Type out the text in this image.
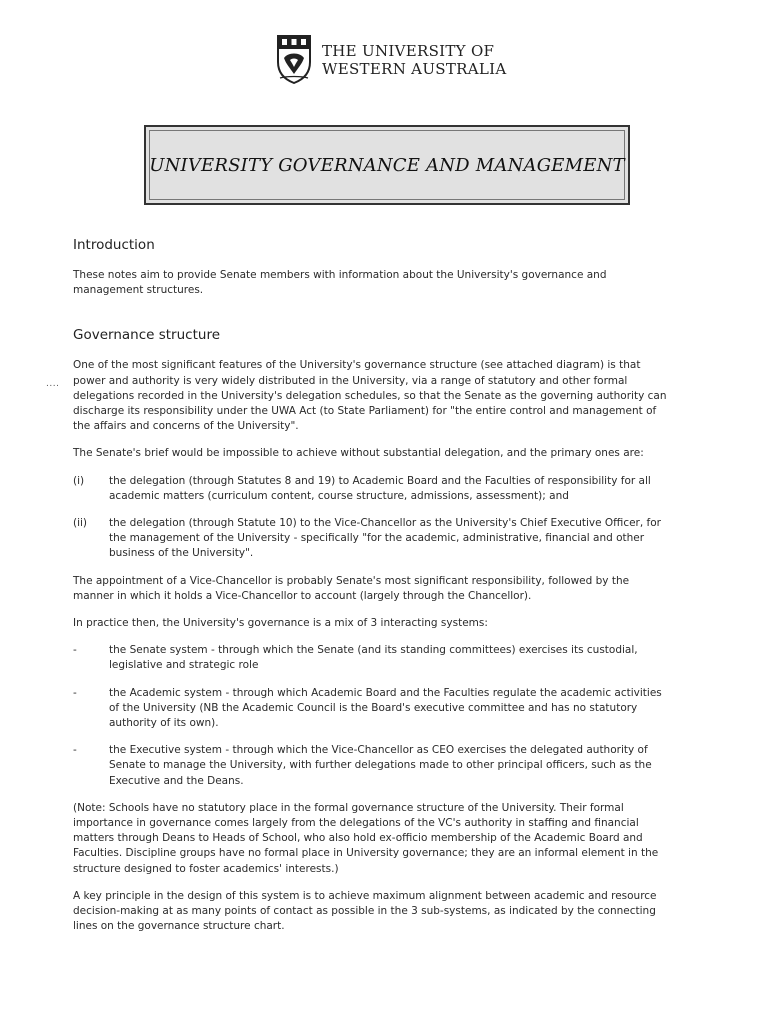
THE UNIVERSITY OF
WESTERN AUSTRALIA
UNIVERSITY GOVERNANCE AND MANAGEMENT
....
Introduction
These notes aim to provide Senate members with information about the University's governance and management structures.
Governance structure
One of the most significant features of the University's governance structure (see attached diagram) is that power and authority is very widely distributed in the University, via a range of statutory and other formal delegations recorded in the University's delegation schedules, so that the Senate as the governing authority can discharge its responsibility under the UWA Act (to State Parliament) for "the entire control and management of the affairs and concerns of the University".
The Senate's brief would be impossible to achieve without substantial delegation, and the primary ones are:
(i) the delegation (through Statutes 8 and 19) to Academic Board and the Faculties of responsibility for all academic matters (curriculum content, course structure, admissions, assessment); and
(ii) the delegation (through Statute 10) to the Vice-Chancellor as the University's Chief Executive Officer, for the management of the University - specifically "for the academic, administrative, financial and other business of the University".
The appointment of a Vice-Chancellor is probably Senate's most significant responsibility, followed by the manner in which it holds a Vice-Chancellor to account (largely through the Chancellor).
In practice then, the University's governance is a mix of 3 interacting systems:
-	the Senate system - through which the Senate (and its standing committees) exercises its custodial, legislative and strategic role
-	the Academic system - through which Academic Board and the Faculties regulate the academic activities of the University (NB the Academic Council is the Board's executive committee and has no statutory authority of its own).
-	the Executive system - through which the Vice-Chancellor as CEO exercises the delegated authority of Senate to manage the University, with further delegations made to other principal officers, such as the Executive and the Deans.
(Note: Schools have no statutory place in the formal governance structure of the University. Their formal importance in governance comes largely from the delegations of the VC's authority in staffing and financial matters through Deans to Heads of School, who also hold ex-officio membership of the Academic Board and Faculties. Discipline groups have no formal place in University governance; they are an informal element in the structure designed to foster academics' interests.)
A key principle in the design of this system is to achieve maximum alignment between academic and resource decision-making at as many points of contact as possible in the 3 sub-systems, as indicated by the connecting lines on the governance structure chart.
